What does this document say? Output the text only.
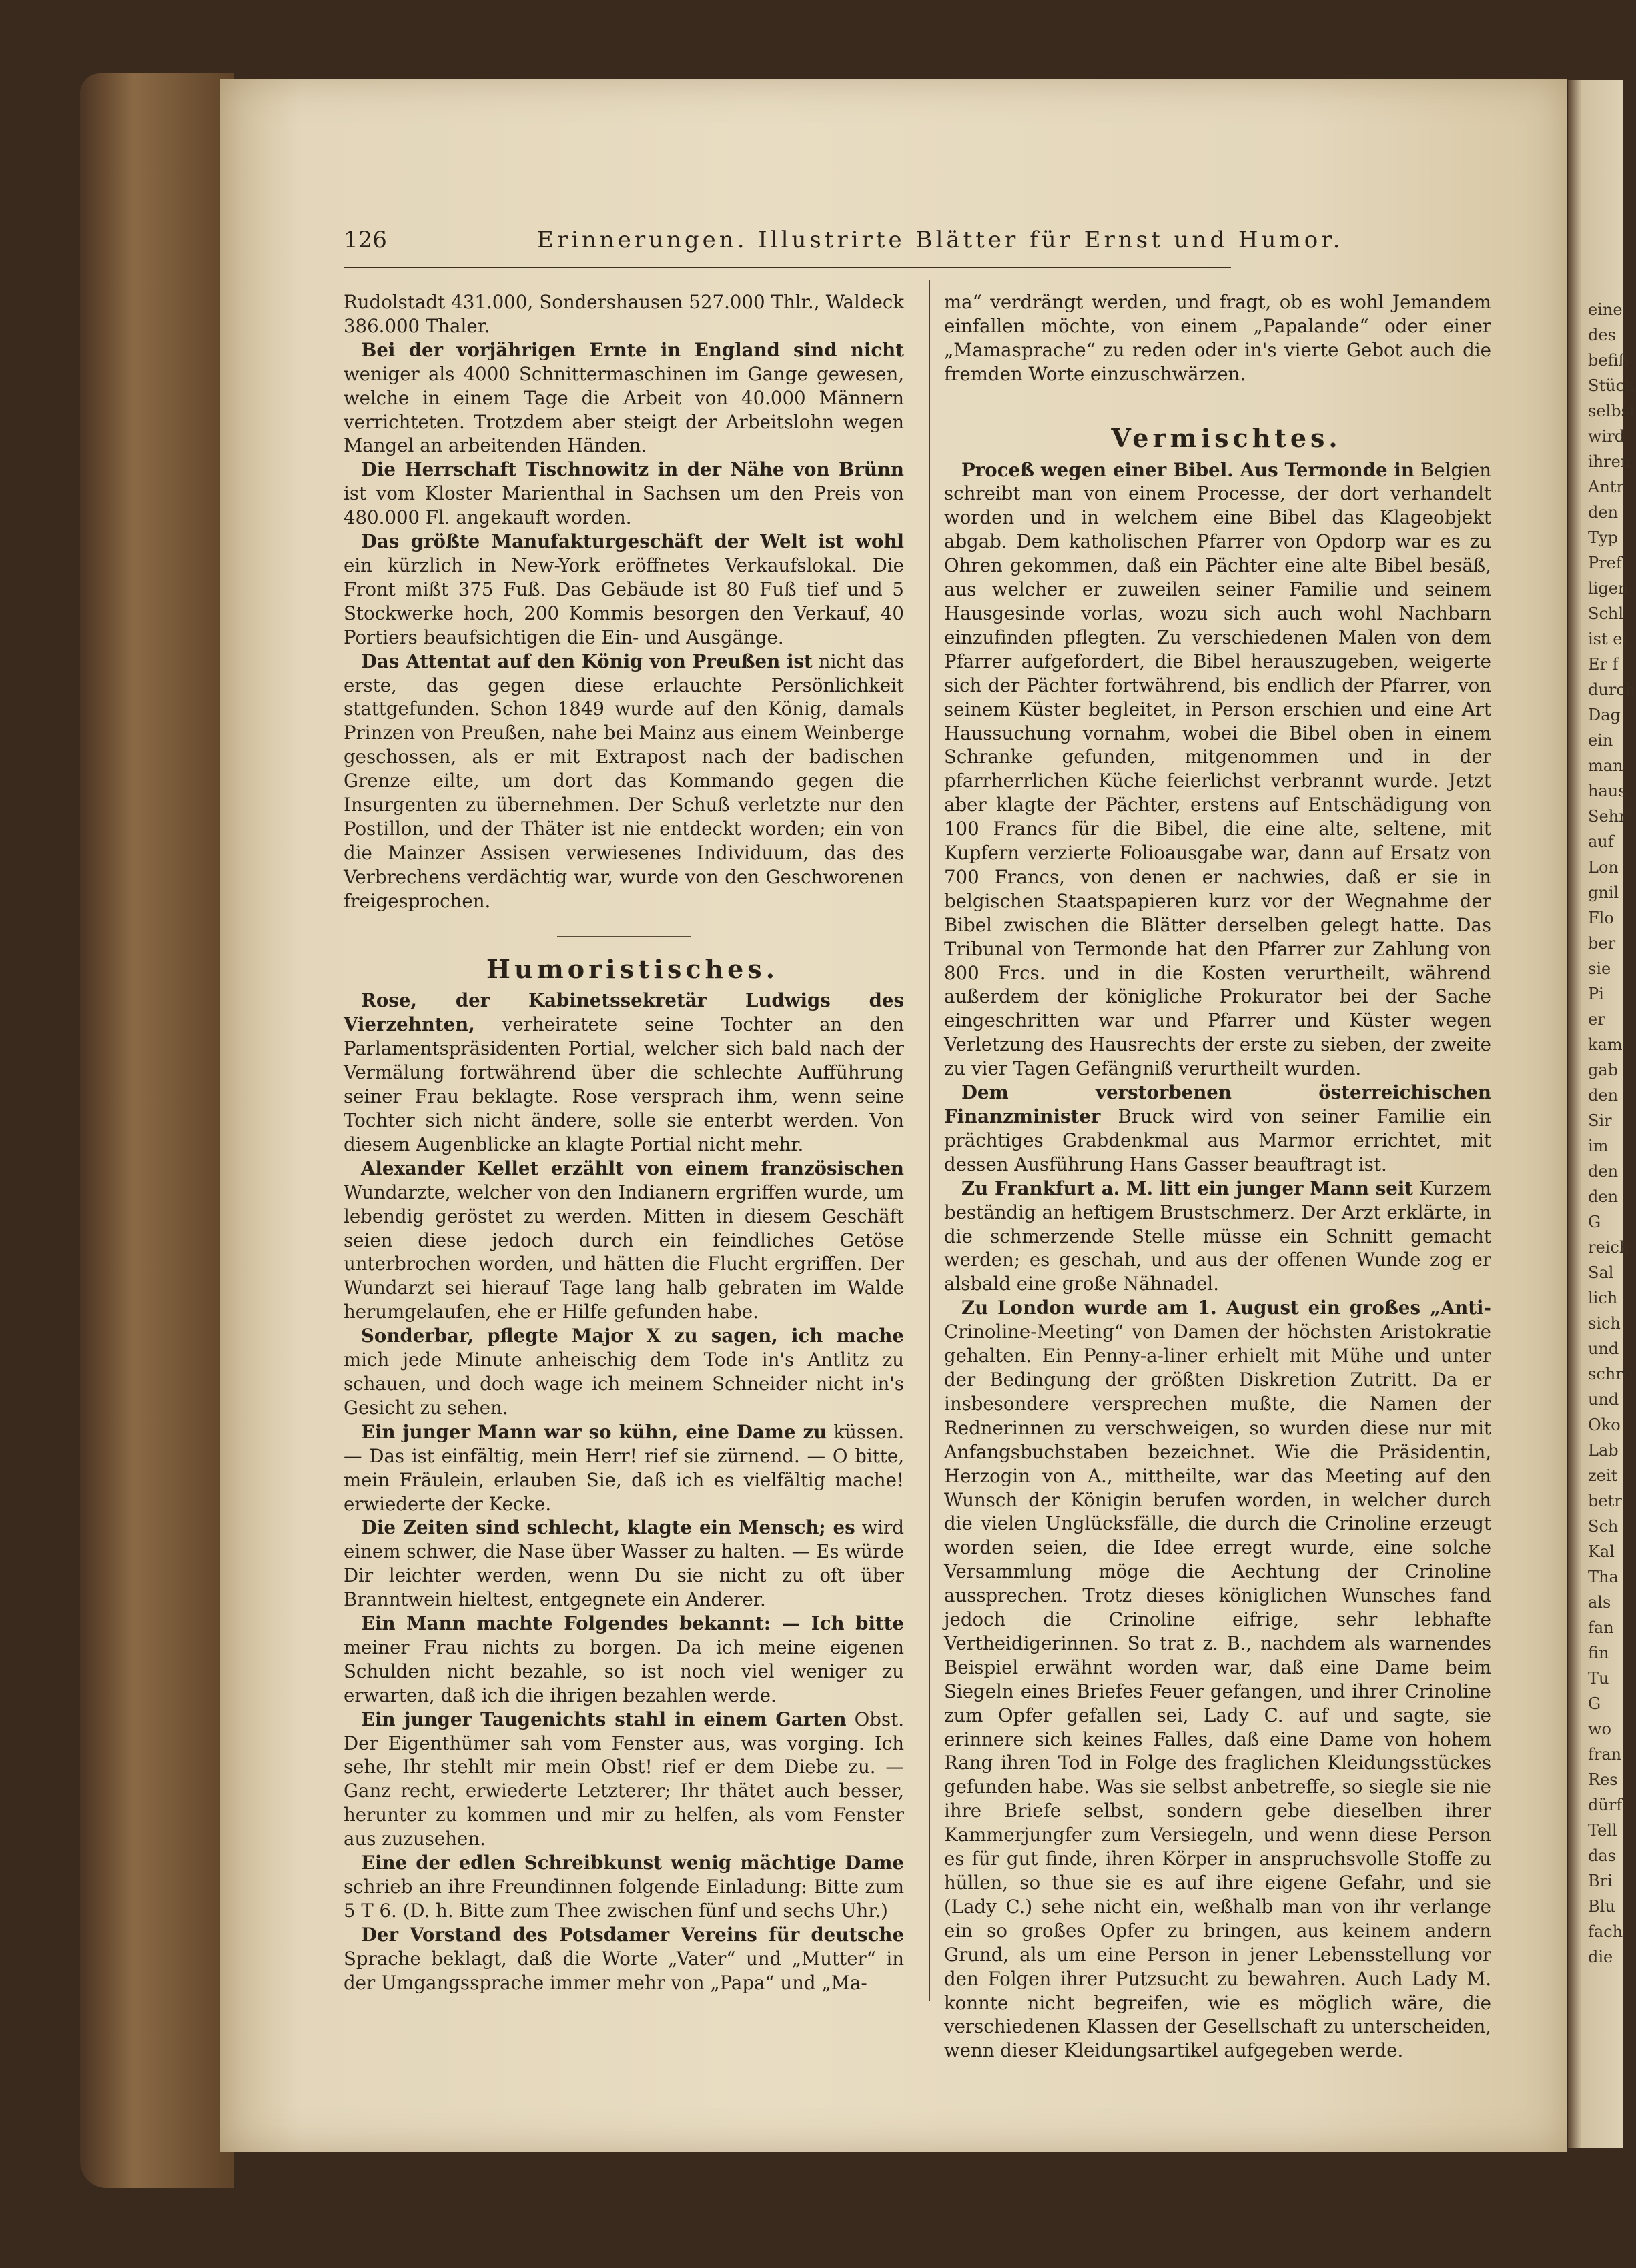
eine
des
befiß
Stück
selbst
wird
ihren
Antr
den
Typ
Pref
ligen
Schl
ist ei
Er f
durch
Dag
ein
man
haus
Sehr
auf
Lon
gnil
Flo
ber
sie
Pi
er
kam
gab
den
Sir
im
den
den
G
reich
Sal
lich
sich
und
schre
und
Oko
Lab
zeit
betr
Sch
Kal
Tha
als
fan
fin
Tu
G
wo
fran
Res
dürf
Tell
das
Bri
Blu
fach
die
126	Erinnerungen. Illustrirte Blätter für Ernst und Humor.

Rudolstadt 431.000, Sondershausen 527.000 Thlr., Waldeck 386.000 Thaler.

Bei der vorjährigen Ernte in England sind nicht weniger als 4000 Schnittermaschinen im Gange gewesen, welche in einem Tage die Arbeit von 40.000 Männern verrichteten. Trotzdem aber steigt der Arbeitslohn wegen Mangel an arbeitenden Händen.

Die Herrschaft Tischnowitz in der Nähe von Brünn ist vom Kloster Marienthal in Sachsen um den Preis von 480.000 Fl. angekauft worden.

Das größte Manufakturgeschäft der Welt ist wohl ein kürzlich in New-York eröffnetes Verkaufslokal. Die Front mißt 375 Fuß. Das Gebäude ist 80 Fuß tief und 5 Stockwerke hoch, 200 Kommis besorgen den Verkauf, 40 Portiers beaufsichtigen die Ein- und Ausgänge.

Das Attentat auf den König von Preußen ist nicht das erste, das gegen diese erlauchte Persönlichkeit stattgefunden. Schon 1849 wurde auf den König, damals Prinzen von Preußen, nahe bei Mainz aus einem Weinberge geschossen, als er mit Extrapost nach der badischen Grenze eilte, um dort das Kommando gegen die Insurgenten zu übernehmen. Der Schuß verletzte nur den Postillon, und der Thäter ist nie entdeckt worden; ein von die Mainzer Assisen verwiesenes Individuum, das des Verbrechens verdächtig war, wurde von den Geschworenen freigesprochen.

Humoristisches.

Rose, der Kabinetssekretär Ludwigs des Vierzehnten, verheiratete seine Tochter an den Parlamentspräsidenten Portial, welcher sich bald nach der Vermälung fortwährend über die schlechte Aufführung seiner Frau beklagte. Rose versprach ihm, wenn seine Tochter sich nicht ändere, solle sie enterbt werden. Von diesem Augenblicke an klagte Portial nicht mehr.

Alexander Kellet erzählt von einem französischen Wundarzte, welcher von den Indianern ergriffen wurde, um lebendig geröstet zu werden. Mitten in diesem Geschäft seien diese jedoch durch ein feindliches Getöse unterbrochen worden, und hätten die Flucht ergriffen. Der Wundarzt sei hierauf Tage lang halb gebraten im Walde herumgelaufen, ehe er Hilfe gefunden habe.

Sonderbar, pflegte Major X zu sagen, ich mache mich jede Minute anheischig dem Tode in's Antlitz zu schauen, und doch wage ich meinem Schneider nicht in's Gesicht zu sehen.

Ein junger Mann war so kühn, eine Dame zu küssen. — Das ist einfältig, mein Herr! rief sie zürnend. — O bitte, mein Fräulein, erlauben Sie, daß ich es vielfältig mache! erwiederte der Kecke.

Die Zeiten sind schlecht, klagte ein Mensch; es wird einem schwer, die Nase über Wasser zu halten. — Es würde Dir leichter werden, wenn Du sie nicht zu oft über Branntwein hieltest, entgegnete ein Anderer.

Ein Mann machte Folgendes bekannt: — Ich bitte meiner Frau nichts zu borgen. Da ich meine eigenen Schulden nicht bezahle, so ist noch viel weniger zu erwarten, daß ich die ihrigen bezahlen werde.

Ein junger Taugenichts stahl in einem Garten Obst. Der Eigenthümer sah vom Fenster aus, was vorging. Ich sehe, Ihr stehlt mir mein Obst! rief er dem Diebe zu. — Ganz recht, erwiederte Letzterer; Ihr thätet auch besser, herunter zu kommen und mir zu helfen, als vom Fenster aus zuzusehen.

Eine der edlen Schreibkunst wenig mächtige Dame schrieb an ihre Freundinnen folgende Einladung: Bitte zum 5 T 6. (D. h. Bitte zum Thee zwischen fünf und sechs Uhr.)

Der Vorstand des Potsdamer Vereins für deutsche Sprache beklagt, daß die Worte „Vater“ und „Mutter“ in der Umgangssprache immer mehr von „Papa“ und „Ma-

ma“ verdrängt werden, und fragt, ob es wohl Jemandem einfallen möchte, von einem „Papalande“ oder einer „Mamasprache“ zu reden oder in's vierte Gebot auch die fremden Worte einzuschwärzen.

Vermischtes.

Proceß wegen einer Bibel. Aus Termonde in Belgien schreibt man von einem Processe, der dort verhandelt worden und in welchem eine Bibel das Klageobjekt abgab. Dem katholischen Pfarrer von Opdorp war es zu Ohren gekommen, daß ein Pächter eine alte Bibel besäß, aus welcher er zuweilen seiner Familie und seinem Hausgesinde vorlas, wozu sich auch wohl Nachbarn einzufinden pflegten. Zu verschiedenen Malen von dem Pfarrer aufgefordert, die Bibel herauszugeben, weigerte sich der Pächter fortwährend, bis endlich der Pfarrer, von seinem Küster begleitet, in Person erschien und eine Art Haussuchung vornahm, wobei die Bibel oben in einem Schranke gefunden, mitgenommen und in der pfarrherrlichen Küche feierlichst verbrannt wurde. Jetzt aber klagte der Pächter, erstens auf Entschädigung von 100 Francs für die Bibel, die eine alte, seltene, mit Kupfern verzierte Folioausgabe war, dann auf Ersatz von 700 Francs, von denen er nachwies, daß er sie in belgischen Staatspapieren kurz vor der Wegnahme der Bibel zwischen die Blätter derselben gelegt hatte. Das Tribunal von Termonde hat den Pfarrer zur Zahlung von 800 Frcs. und in die Kosten verurtheilt, während außerdem der königliche Prokurator bei der Sache eingeschritten war und Pfarrer und Küster wegen Verletzung des Hausrechts der erste zu sieben, der zweite zu vier Tagen Gefängniß verurtheilt wurden.

Dem verstorbenen österreichischen Finanzminister Bruck wird von seiner Familie ein prächtiges Grabdenkmal aus Marmor errichtet, mit dessen Ausführung Hans Gasser beauftragt ist.

Zu Frankfurt a. M. litt ein junger Mann seit Kurzem beständig an heftigem Brustschmerz. Der Arzt erklärte, in die schmerzende Stelle müsse ein Schnitt gemacht werden; es geschah, und aus der offenen Wunde zog er alsbald eine große Nähnadel.

Zu London wurde am 1. August ein großes „Anti- Crinoline-Meeting“ von Damen der höchsten Aristokratie gehalten. Ein Penny-a-liner erhielt mit Mühe und unter der Bedingung der größten Diskretion Zutritt. Da er insbesondere versprechen mußte, die Namen der Rednerinnen zu verschweigen, so wurden diese nur mit Anfangsbuchstaben bezeichnet. Wie die Präsidentin, Herzogin von A., mittheilte, war das Meeting auf den Wunsch der Königin berufen worden, in welcher durch die vielen Unglücksfälle, die durch die Crinoline erzeugt worden seien, die Idee erregt wurde, eine solche Versammlung möge die Aechtung der Crinoline aussprechen. Trotz dieses königlichen Wunsches fand jedoch die Crinoline eifrige, sehr lebhafte Vertheidigerinnen. So trat z. B., nachdem als warnendes Beispiel erwähnt worden war, daß eine Dame beim Siegeln eines Briefes Feuer gefangen, und ihrer Crinoline zum Opfer gefallen sei, Lady C. auf und sagte, sie erinnere sich keines Falles, daß eine Dame von hohem Rang ihren Tod in Folge des fraglichen Kleidungsstückes gefunden habe. Was sie selbst anbetreffe, so siegle sie nie ihre Briefe selbst, sondern gebe dieselben ihrer Kammerjungfer zum Versiegeln, und wenn diese Person es für gut finde, ihren Körper in anspruchsvolle Stoffe zu hüllen, so thue sie es auf ihre eigene Gefahr, und sie (Lady C.) sehe nicht ein, weßhalb man von ihr verlange ein so großes Opfer zu bringen, aus keinem andern Grund, als um eine Person in jener Lebensstellung vor den Folgen ihrer Putzsucht zu bewahren. Auch Lady M. konnte nicht begreifen, wie es möglich wäre, die verschiedenen Klassen der Gesellschaft zu unterscheiden, wenn dieser Kleidungsartikel aufgegeben werde.
